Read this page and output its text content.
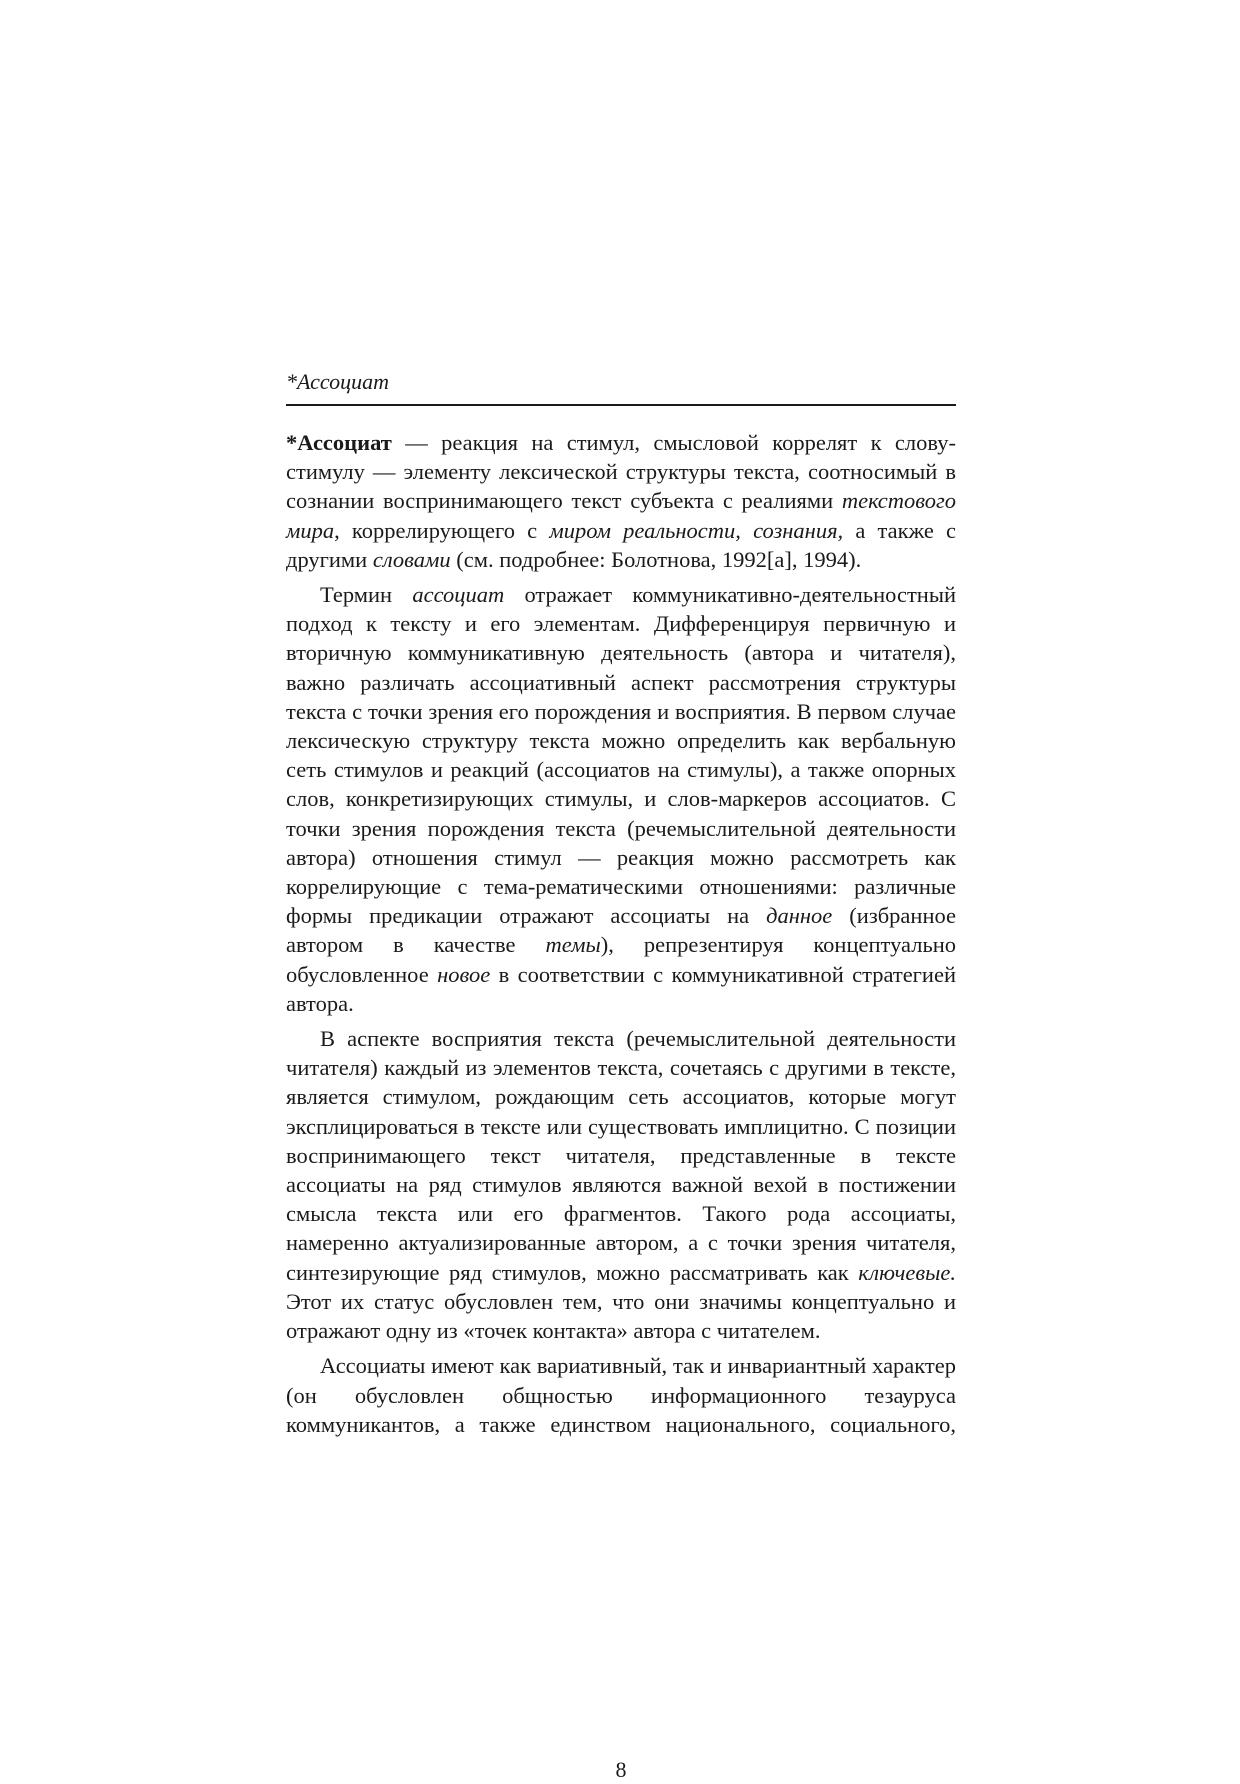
*Ассоциат

*Ассоциат — реакция на стимул, смысловой коррелят к слову-стимулу — элементу лексической структуры текста, соотносимый в сознании воспринимающего текст субъекта с реалиями текстового мира, коррелирующего с миром реальности, сознания, а также с другими словами (см. подробнее: Болотнова, 1992[а], 1994).

Термин ассоциат отражает коммуникативно-деятельностный подход к тексту и его элементам. Дифференцируя первичную и вторичную коммуникативную деятельность (автора и читателя), важно различать ассоциативный аспект рассмотрения структуры текста с точки зрения его порождения и восприятия. В первом случае лексическую структуру текста можно определить как вербальную сеть стимулов и реакций (ассоциатов на стимулы), а также опорных слов, конкретизирующих стимулы, и слов-маркеров ассоциатов. С точки зрения порождения текста (речемыслительной деятельности автора) отношения стимул — реакция можно рассмотреть как коррелирующие с тема-рематическими отношениями: различные формы предикации отражают ассоциаты на данное (избранное автором в качестве темы), репрезентируя концептуально обусловленное новое в соответствии с коммуникативной стратегией автора.

В аспекте восприятия текста (речемыслительной деятельности читателя) каждый из элементов текста, сочетаясь с другими в тексте, является стимулом, рождающим сеть ассоциатов, которые могут эксплицироваться в тексте или существовать имплицитно. С позиции воспринимающего текст читателя, представленные в тексте ассоциаты на ряд стимулов являются важной вехой в постижении смысла текста или его фрагментов. Такого рода ассоциаты, намеренно актуализированные автором, а с точки зрения читателя, синтезирующие ряд стимулов, можно рассматривать как ключевые. Этот их статус обусловлен тем, что они значимы концептуально и отражают одну из «точек контакта» автора с читателем.

Ассоциаты имеют как вариативный, так и инвариантный характер (он обусловлен общностью информационного тезауруса коммуникантов, а также единством национального, социального,

8
